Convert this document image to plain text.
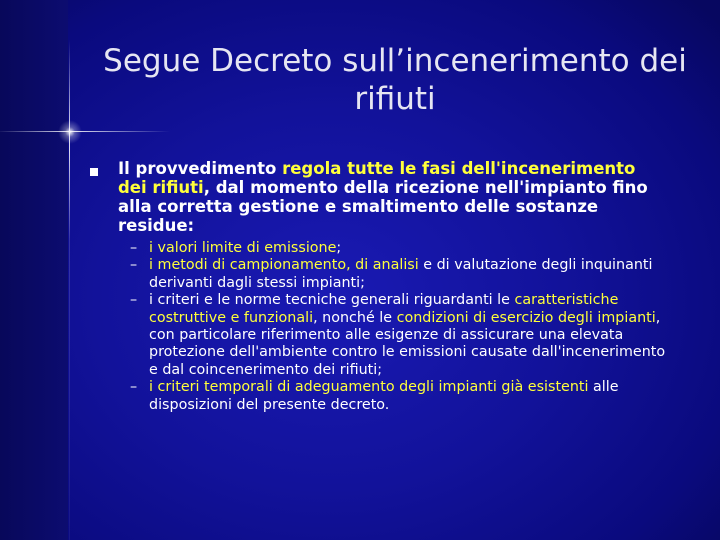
Segue Decreto sull’incenerimento dei rifiuti
Il provvedimento regola tutte le fasi dell'incenerimento dei rifiuti, dal momento della ricezione nell'impianto fino alla corretta gestione e smaltimento delle sostanze residue:
– i valori limite di emissione;
– i metodi di campionamento, di analisi e di valutazione degli inquinanti derivanti dagli stessi impianti;
– i criteri e le norme tecniche generali riguardanti le caratteristiche costruttive e funzionali, nonché le condizioni di esercizio degli impianti, con particolare riferimento alle esigenze di assicurare una elevata protezione dell'ambiente contro le emissioni causate dall'incenerimento e dal coincenerimento dei rifiuti;
– i criteri temporali di adeguamento degli impianti già esistenti alle disposizioni del presente decreto.
